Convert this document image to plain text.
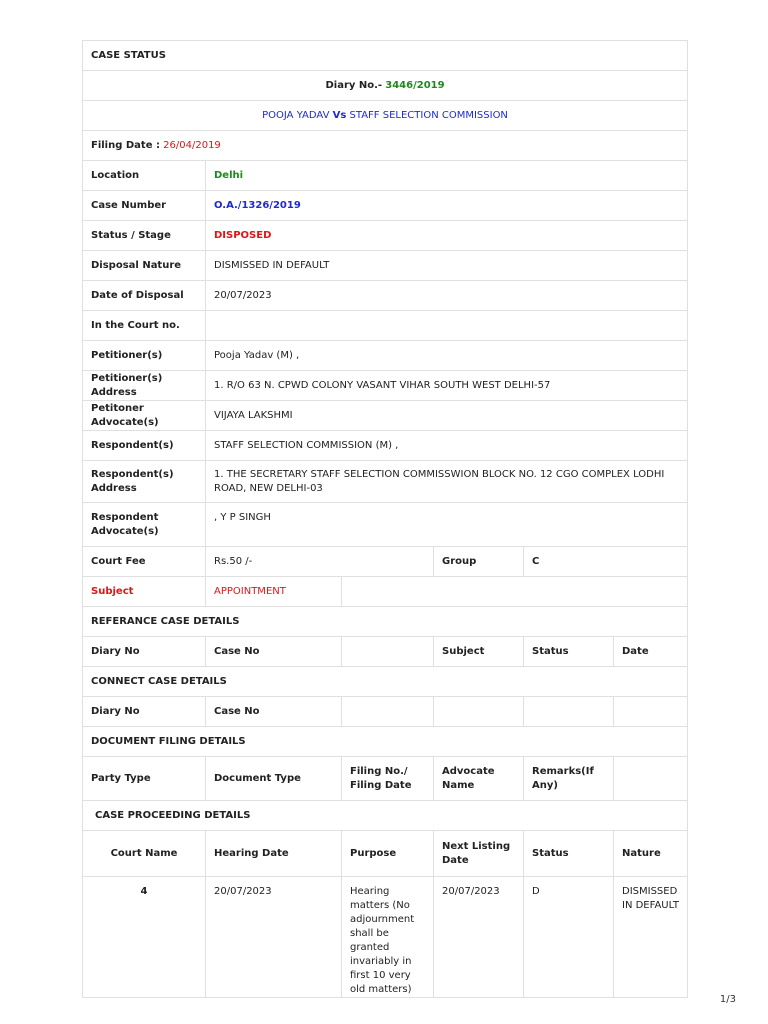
CASE STATUS					
Diary No.- 3446/2019					
POOJA YADAV Vs STAFF SELECTION COMMISSION					
Filing Date : 26/04/2019					
Location	Delhi				
Case Number	O.A./1326/2019				
Status / Stage	DISPOSED				
Disposal Nature	DISMISSED IN DEFAULT				
Date of Disposal	20/07/2023				
In the Court no.					
Petitioner(s)	Pooja Yadav (M) ,				
Petitioner(s) Address	1. R/O 63 N. CPWD COLONY VASANT VIHAR SOUTH WEST DELHI-57				
Petitoner Advocate(s)	VIJAYA LAKSHMI				
Respondent(s)	STAFF SELECTION COMMISSION (M) ,				
Respondent(s) Address	1. THE SECRETARY STAFF SELECTION COMMISSWION BLOCK NO. 12 CGO COMPLEX LODHI ROAD, NEW DELHI-03				
Respondent Advocate(s)	, Y P SINGH				
Court Fee	Rs.50 /-		Group	C	
Subject	APPOINTMENT				
REFERANCE CASE DETAILS					
Diary No	Case No		Subject	Status	Date
CONNECT CASE DETAILS					
Diary No	Case No				
DOCUMENT FILING DETAILS					
Party Type	Document Type	Filing No./ Filing Date	Advocate Name	Remarks(If Any)	
CASE PROCEEDING DETAILS					
Court Name	Hearing Date	Purpose	Next Listing Date	Status	Nature
4	20/07/2023	Hearing matters (No adjournment shall be granted invariably in first 10 very old matters)	20/07/2023	D	DISMISSED IN DEFAULT
1/3
